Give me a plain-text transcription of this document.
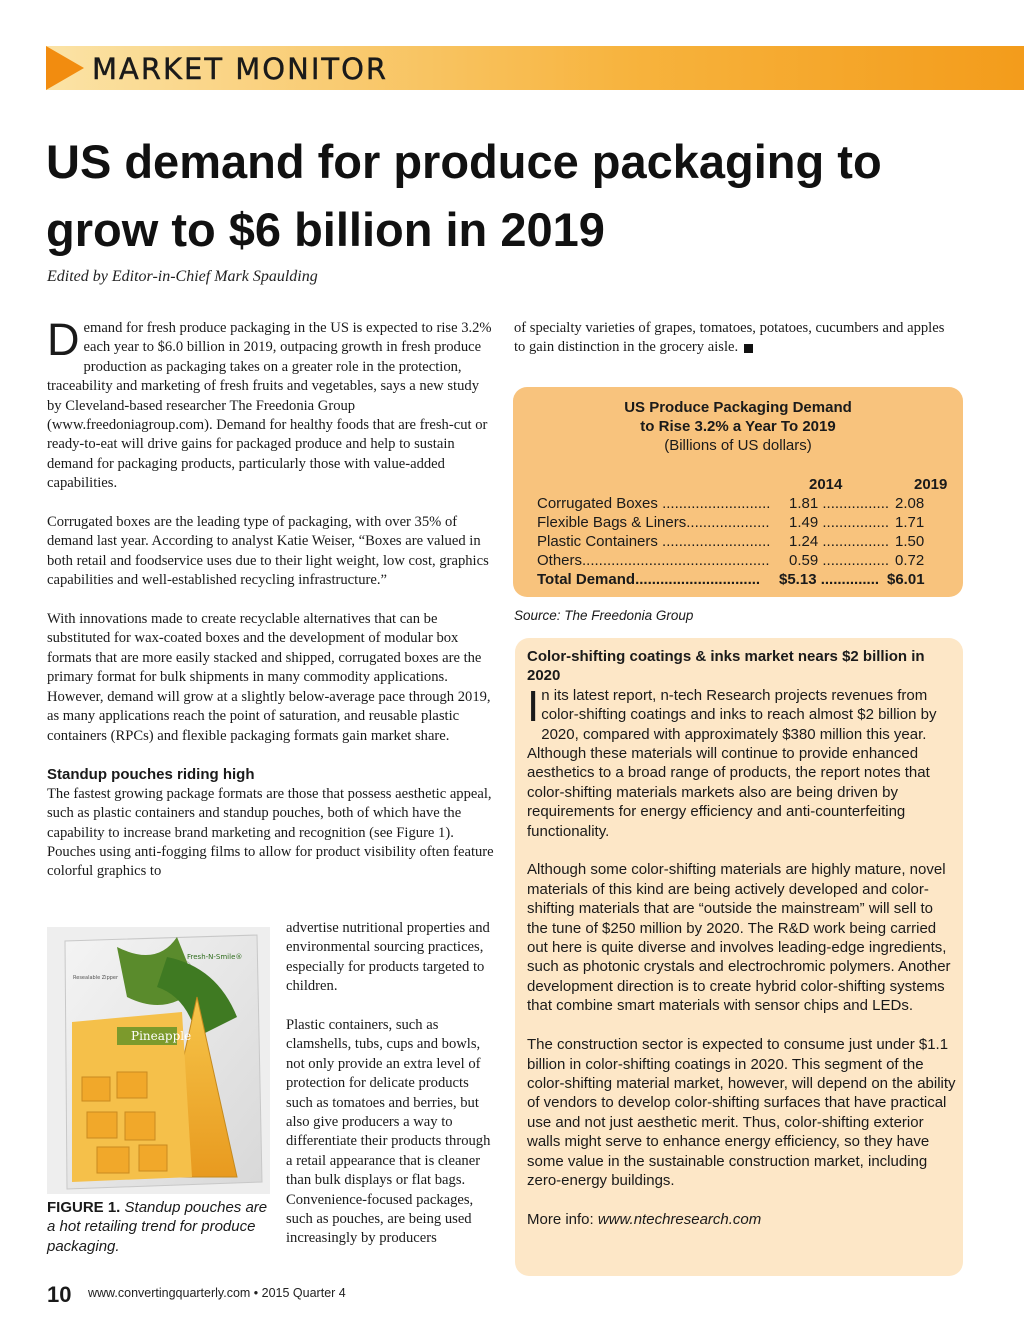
MARKET MONITOR
US demand for produce packaging to grow to $6 billion in 2019
Edited by Editor-in-Chief Mark Spaulding

Demand for fresh produce packaging in the US is expected to rise 3.2% each year to $6.0 billion in 2019, outpacing growth in fresh produce production as packaging takes on a greater role in the protection, traceability and marketing of fresh fruits and vegetables, says a new study by Cleveland-based researcher The Freedonia Group (www.freedoniagroup.com). Demand for healthy foods that are fresh-cut or ready-to-eat will drive gains for packaged produce and help to sustain demand for packaging products, particularly those with value-added capabilities.

Corrugated boxes are the leading type of packaging, with over 35% of demand last year. According to analyst Katie Weiser, “Boxes are valued in both retail and foodservice uses due to their light weight, low cost, graphics capabilities and well-established recycling infrastructure.”

With innovations made to create recyclable alternatives that can be substituted for wax-coated boxes and the development of modular box formats that are more easily stacked and shipped, corrugated boxes are the primary format for bulk shipments in many commodity applications. However, demand will grow at a slightly below-average pace through 2019, as many applications reach the point of saturation, and reusable plastic containers (RPCs) and flexible packaging formats gain market share.

Standup pouches riding high

The fastest growing package formats are those that possess aesthetic appeal, such as plastic containers and standup pouches, both of which have the capability to increase brand marketing and recognition (see Figure 1). Pouches using anti-fogging films to allow for product visibility often feature colorful graphics to

Pineapple
Fresh-N-Smile®
Resealable Zipper

advertise nutritional properties and environmental sourcing practices, especially for products targeted to children.

Plastic containers, such as clamshells, tubs, cups and bowls, not only provide an extra level of protection for delicate products such as tomatoes and berries, but also give producers a way to differentiate their products through a retail appearance that is cleaner than bulk displays or flat bags. Convenience-focused packages, such as pouches, are being used increasingly by producers

FIGURE 1. Standup pouches are a hot retailing trend for produce packaging.

of specialty varieties of grapes, tomatoes, potatoes, cucumbers and apples to gain distinction in the grocery aisle.

US Produce Packaging Demand
to Rise 3.2% a Year To 2019
(Billions of US dollars)
2014	2019
Corrugated Boxes .......................... 1.81 ................ 2.08
Flexible Bags & Liners.................... 1.49 ................ 1.71
Plastic Containers .......................... 1.24 ................ 1.50
Others............................................. 0.59 ................ 0.72
Total Demand.............................. $5.13 .............. $6.01
Source: The Freedonia Group
Color-shifting coatings & inks market nears $2 billion in 2020

In its latest report, n-tech Research projects revenues from color-shifting coatings and inks to reach almost $2 billion by 2020, compared with approximately $380 million this year. Although these materials will continue to provide enhanced aesthetics to a broad range of products, the report notes that color-shifting materials markets also are being driven by requirements for energy efficiency and anti-counterfeiting functionality.

Although some color-shifting materials are highly mature, novel materials of this kind are being actively developed and color-shifting materials that are “outside the mainstream” will sell to the tune of $250 million by 2020. The R&D work being carried out here is quite diverse and involves leading-edge ingredients, such as photonic crystals and electrochromic polymers. Another development direction is to create hybrid color-shifting systems that combine smart materials with sensor chips and LEDs.

The construction sector is expected to consume just under $1.1 billion in color-shifting coatings in 2020. This segment of the color-shifting material market, however, will depend on the ability of vendors to develop color-shifting surfaces that have practical use and not just aesthetic merit. Thus, color-shifting exterior walls might serve to enhance energy efficiency, so they have some value in the sustainable construction market, including zero-energy buildings.

More info: www.ntechresearch.com

10 www.convertingquarterly.com • 2015 Quarter 4
